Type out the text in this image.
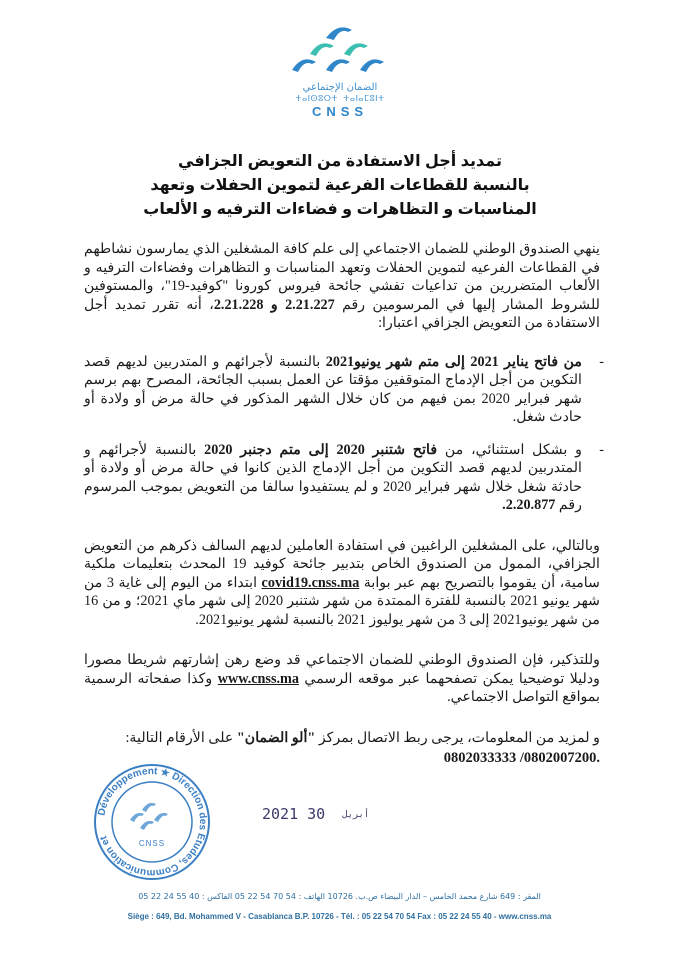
الضمان الإجتماعي
ⵜⴰⵏⵙⵓⵔⵜ ⵜⴰⵏⴰⵎⵓⵏⵜ
CNSS
تمديد أجل الاستفادة من التعويض الجزافي
بالنسبة للقطاعات الفرعية لتموين الحفلات وتعهد
المناسبات و التظاهرات و فضاءات الترفيه و الألعاب

ينهي الصندوق الوطني للضمان الاجتماعي إلى علم كافة المشغلين الذي يمارسون نشاطهم في القطاعات الفرعيه لتموين الحفلات وتعهد المناسبات و التظاهرات وفضاءات الترفيه و الألعاب المتضررين من تداعيات تفشي جائحة فيروس كورونا "كوفيد-19"، والمستوفين للشروط المشار إليها في المرسومين رقم 2.21.227 و 2.21.228، أنه تقرر تمديد أجل الاستفادة من التعويض الجزافي اعتبارا:

-
من فاتح يناير 2021 إلى متم شهر يونيو2021 بالنسبة لأجرائهم و المتدربين لديهم قصد التكوين من أجل الإدماج المتوقفين مؤقتا عن العمل بسبب الجائحة، المصرح بهم برسم شهر فبراير 2020 بمن فيهم من كان خلال الشهر المذكور في حالة مرض أو ولادة أو حادث شغل.

-
و بشكل استثنائي، من فاتح شتنبر 2020 إلى متم دجنبر 2020 بالنسبة لأجرائهم و المتدربين لديهم قصد التكوين من أجل الإدماج الذين كانوا في حالة مرض أو ولادة أو حادثة شغل خلال شهر فبراير 2020 و لم يستفيدوا سالفا من التعويض بموجب المرسوم رقم 2.20.877.

وبالتالي، على المشغلين الراغبين في استفادة العاملين لديهم السالف ذكرهم من التعويض الجزافي، الممول من الصندوق الخاص بتدبير جائحة كوفيد 19 المحدث بتعليمات ملكية سامية، أن يقوموا بالتصريح بهم عبر بوابة covid19.cnss.ma ابتداء من اليوم إلى غاية 3 من شهر يونيو 2021 بالنسبة للفترة الممتدة من شهر شتنبر 2020 إلى شهر ماي 2021؛ و من 16 من شهر يونيو2021 إلى 3 من شهر يوليوز 2021 بالنسبة لشهر يونيو2021.

وللتذكير، فإن الصندوق الوطني للضمان الاجتماعي قد وضع رهن إشارتهم شريطا مصورا ودليلا توضيحيا يمكن تصفحهما عبر موقعه الرسمي www.cnss.ma وكذا صفحاته الرسمية بمواقع التواصل الاجتماعي.

و لمزيد من المعلومات، يرجى ربط الاتصال بمركز "ألو الضمان" على الأرقام التالية:

.0802007200/ 0802033333

Développement ★ Direction des Etudes, Communication et
CNSS
2021	أبريل 30
المقر : 649 شارع محمد الخامس – الدار البيضاء ص.ب. 10726 الهاتف : 54 70 54 22 05 الفاكس : 40 55 24 22 05
Siège : 649, Bd. Mohammed V - Casablanca B.P. 10726 - Tél. : 05 22 54 70 54 Fax : 05 22 24 55 40 - www.cnss.ma
